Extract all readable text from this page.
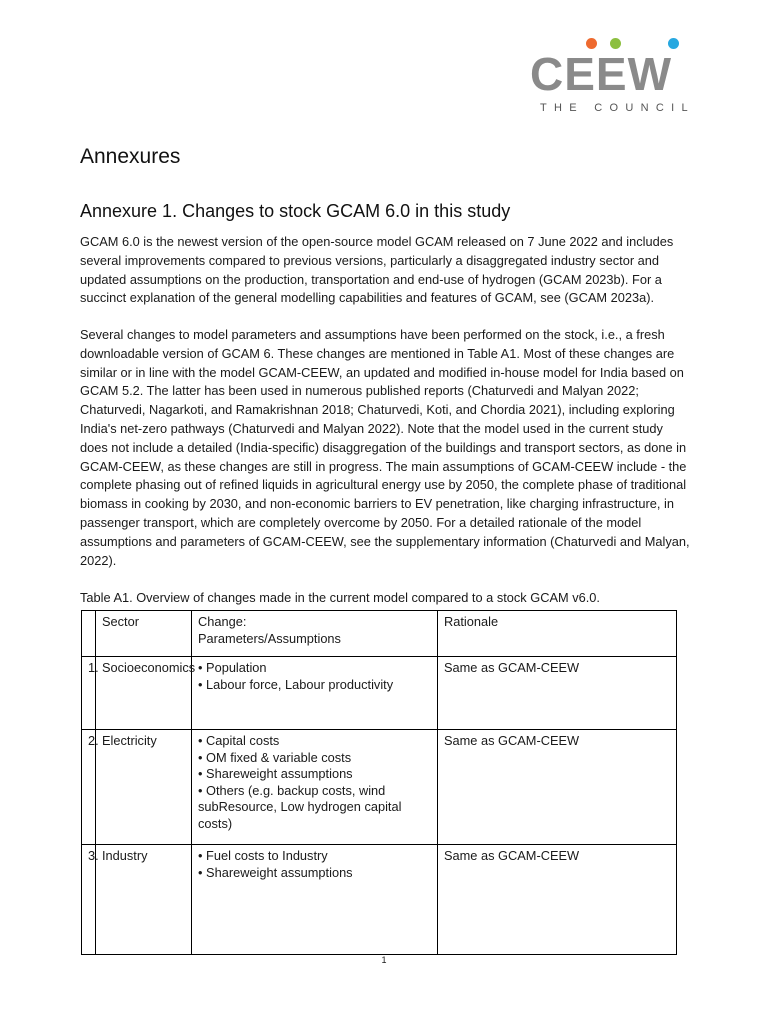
CEEW
THE COUNCIL
Annexures
Annexure 1. Changes to stock GCAM 6.0 in this study

GCAM 6.0 is the newest version of the open-source model GCAM released on 7 June 2022 and includes several improvements compared to previous versions, particularly a disaggregated industry sector and updated assumptions on the production, transportation and end-use of hydrogen (GCAM 2023b). For a succinct explanation of the general modelling capabilities and features of GCAM, see (GCAM 2023a).

Several changes to model parameters and assumptions have been performed on the stock, i.e., a fresh downloadable version of GCAM 6. These changes are mentioned in Table A1. Most of these changes are similar or in line with the model GCAM-CEEW, an updated and modified in-house model for India based on GCAM 5.2. The latter has been used in numerous published reports (Chaturvedi and Malyan 2022; Chaturvedi, Nagarkoti, and Ramakrishnan 2018; Chaturvedi, Koti, and Chordia 2021), including exploring India's net-zero pathways (Chaturvedi and Malyan 2022). Note that the model used in the current study does not include a detailed (India-specific) disaggregation of the buildings and transport sectors, as done in GCAM-CEEW, as these changes are still in progress. The main assumptions of GCAM-CEEW include - the complete phasing out of refined liquids in agricultural energy use by 2050, the complete phase of traditional biomass in cooking by 2030, and non-economic barriers to EV penetration, like charging infrastructure, in passenger transport, which are completely overcome by 2050. For a detailed rationale of the model assumptions and parameters of GCAM-CEEW, see the supplementary information (Chaturvedi and Malyan, 2022).

Table A1. Overview of changes made in the current model compared to a stock GCAM v6.0.

	Sector	Change:
Parameters/Assumptions	Rationale
1.	Socioeconomics	• Population
• Labour force, Labour productivity	Same as GCAM-CEEW
2.	Electricity	• Capital costs
• OM fixed & variable costs
• Shareweight assumptions
• Others (e.g. backup costs, wind
subResource, Low hydrogen capital costs)	Same as GCAM-CEEW
3.	Industry	• Fuel costs to Industry
• Shareweight assumptions	Same as GCAM-CEEW
1
